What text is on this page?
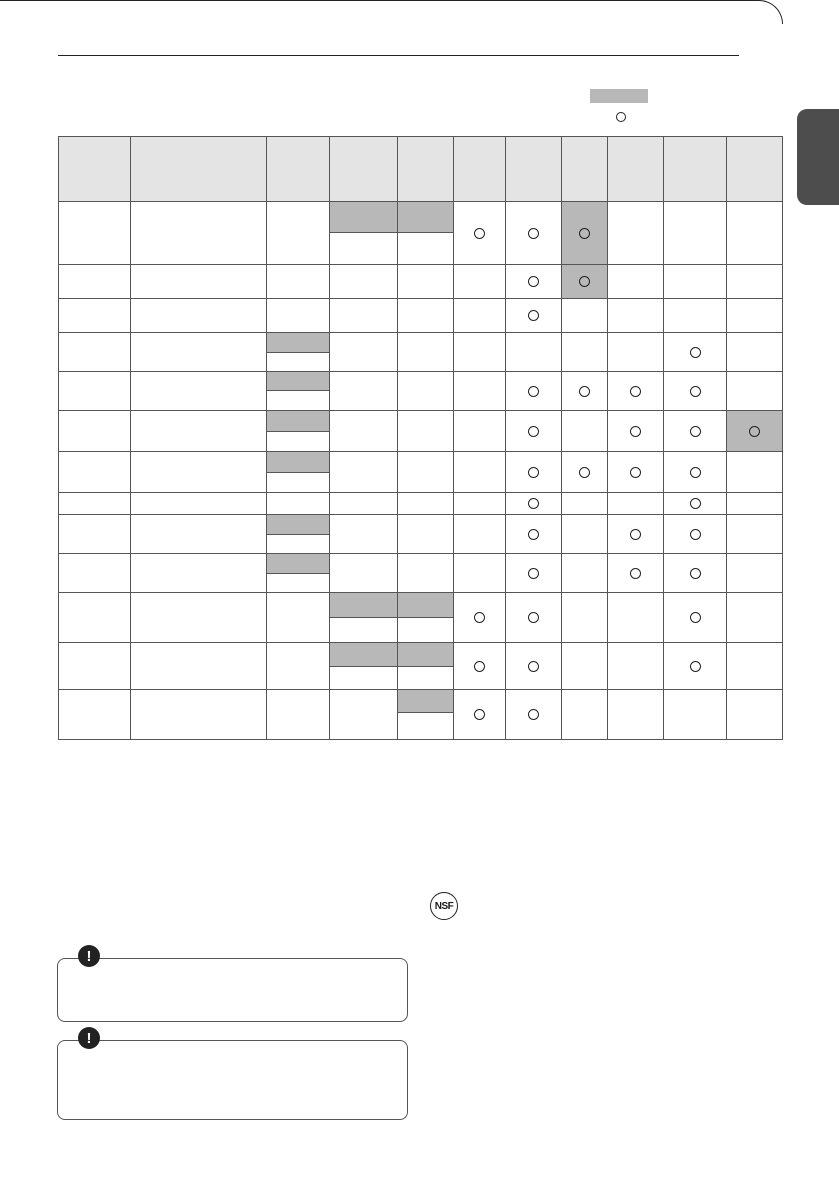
NSF
!
!
